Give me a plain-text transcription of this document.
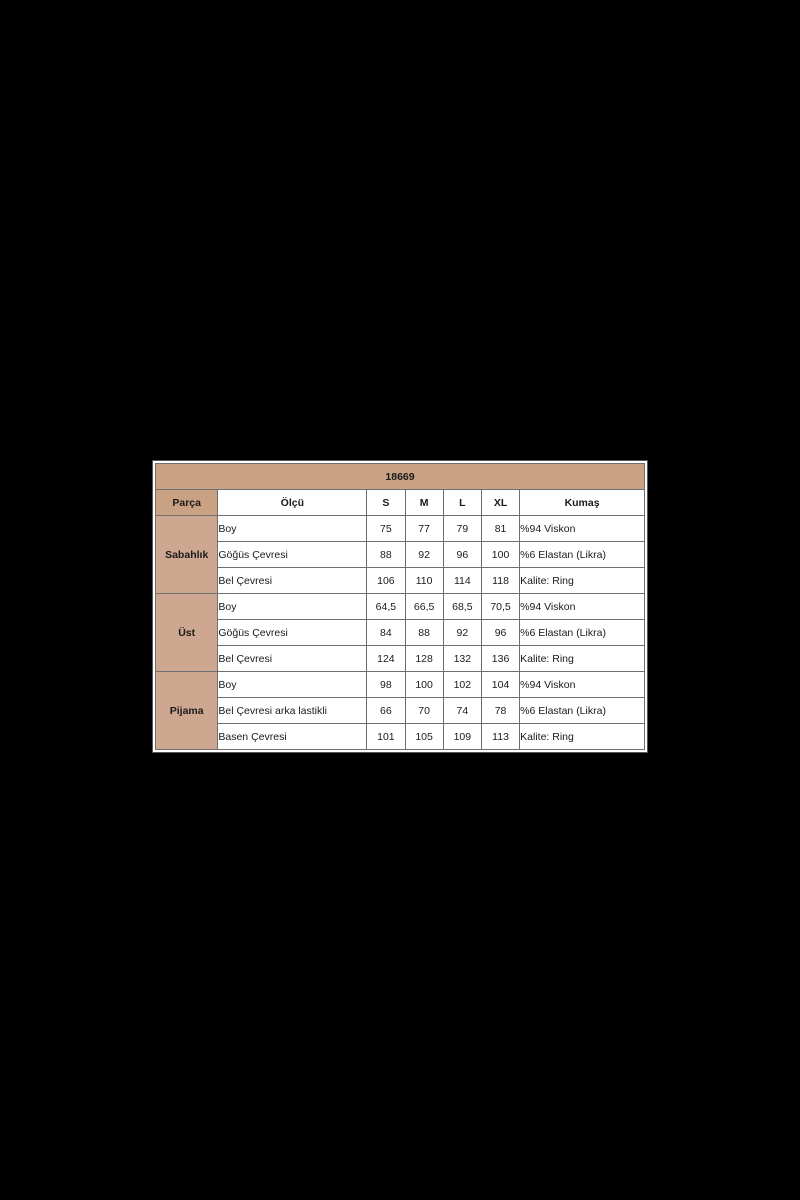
18669						
Parça	Ölçü	S	M	L	XL	Kumaş
Sabahlık	Boy	75	77	79	81	%94 Viskon
	Göğüs Çevresi	88	92	96	100	%6 Elastan (Likra)
	Bel Çevresi	106	110	114	118	Kalite: Ring
Üst	Boy	64,5	66,5	68,5	70,5	%94 Viskon
	Göğüs Çevresi	84	88	92	96	%6 Elastan (Likra)
	Bel Çevresi	124	128	132	136	Kalite: Ring
Pijama	Boy	98	100	102	104	%94 Viskon
	Bel Çevresi arka lastikli	66	70	74	78	%6 Elastan (Likra)
	Basen Çevresi	101	105	109	113	Kalite: Ring
